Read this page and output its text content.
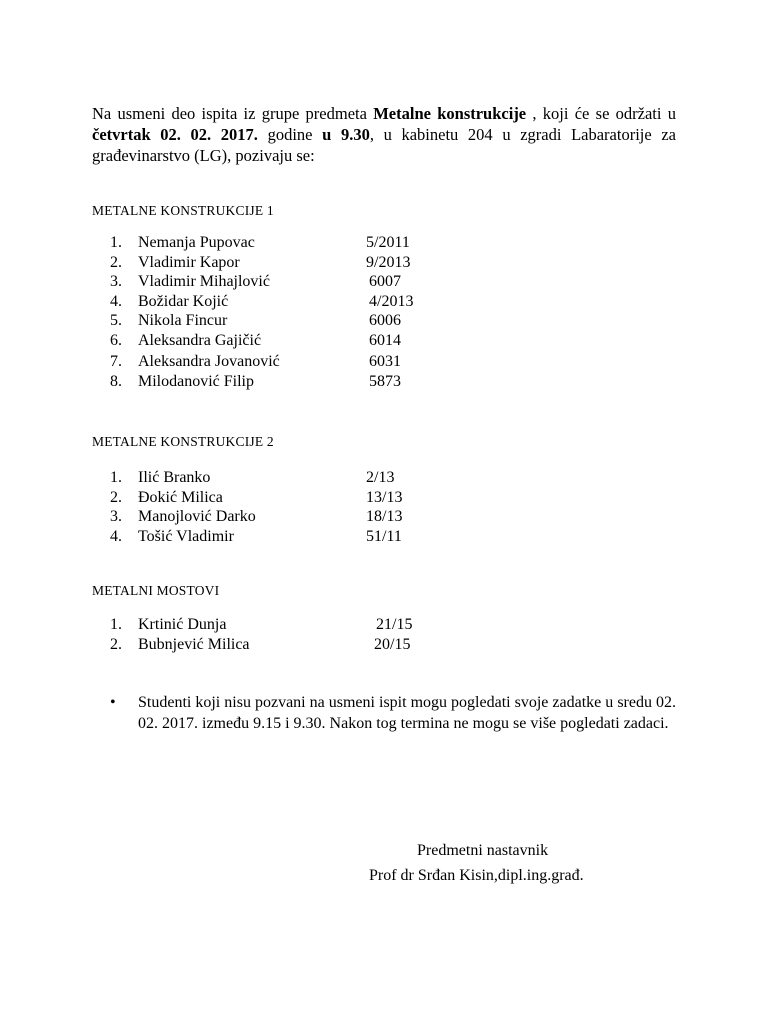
Na usmeni deo ispita iz grupe predmeta Metalne konstrukcije , koji će se održati u četvrtak 02. 02. 2017. godine u 9.30, u kabinetu 204 u zgradi Labaratorije za građevinarstvo (LG), pozivaju se:

METALNE KONSTRUKCIJE 1

1. Nemanja Pupovac	5/2011
2. Vladimir Kapor	9/2013
3. Vladimir Mihajlović	6007
4. Božidar Kojić	4/2013
5. Nikola Fincur	6006
6. Aleksandra Gajičić	6014
7. Aleksandra Jovanović	6031
8. Milodanović Filip	5873

METALNE KONSTRUKCIJE 2

1. Ilić Branko	2/13
2. Đokić Milica	13/13
3. Manojlović Darko	18/13
4. Tošić Vladimir	51/11

METALNI MOSTOVI

1. Krtinić Dunja	21/15
2. Bubnjević Milica	20/15
•	Studenti koji nisu pozvani na usmeni ispit mogu pogledati svoje zadatke u sredu 02. 02. 2017. između 9.15 i 9.30. Nakon tog termina ne mogu se više pogledati zadaci.
Predmetni nastavnik
Prof dr Srđan Kisin,dipl.ing.građ.
